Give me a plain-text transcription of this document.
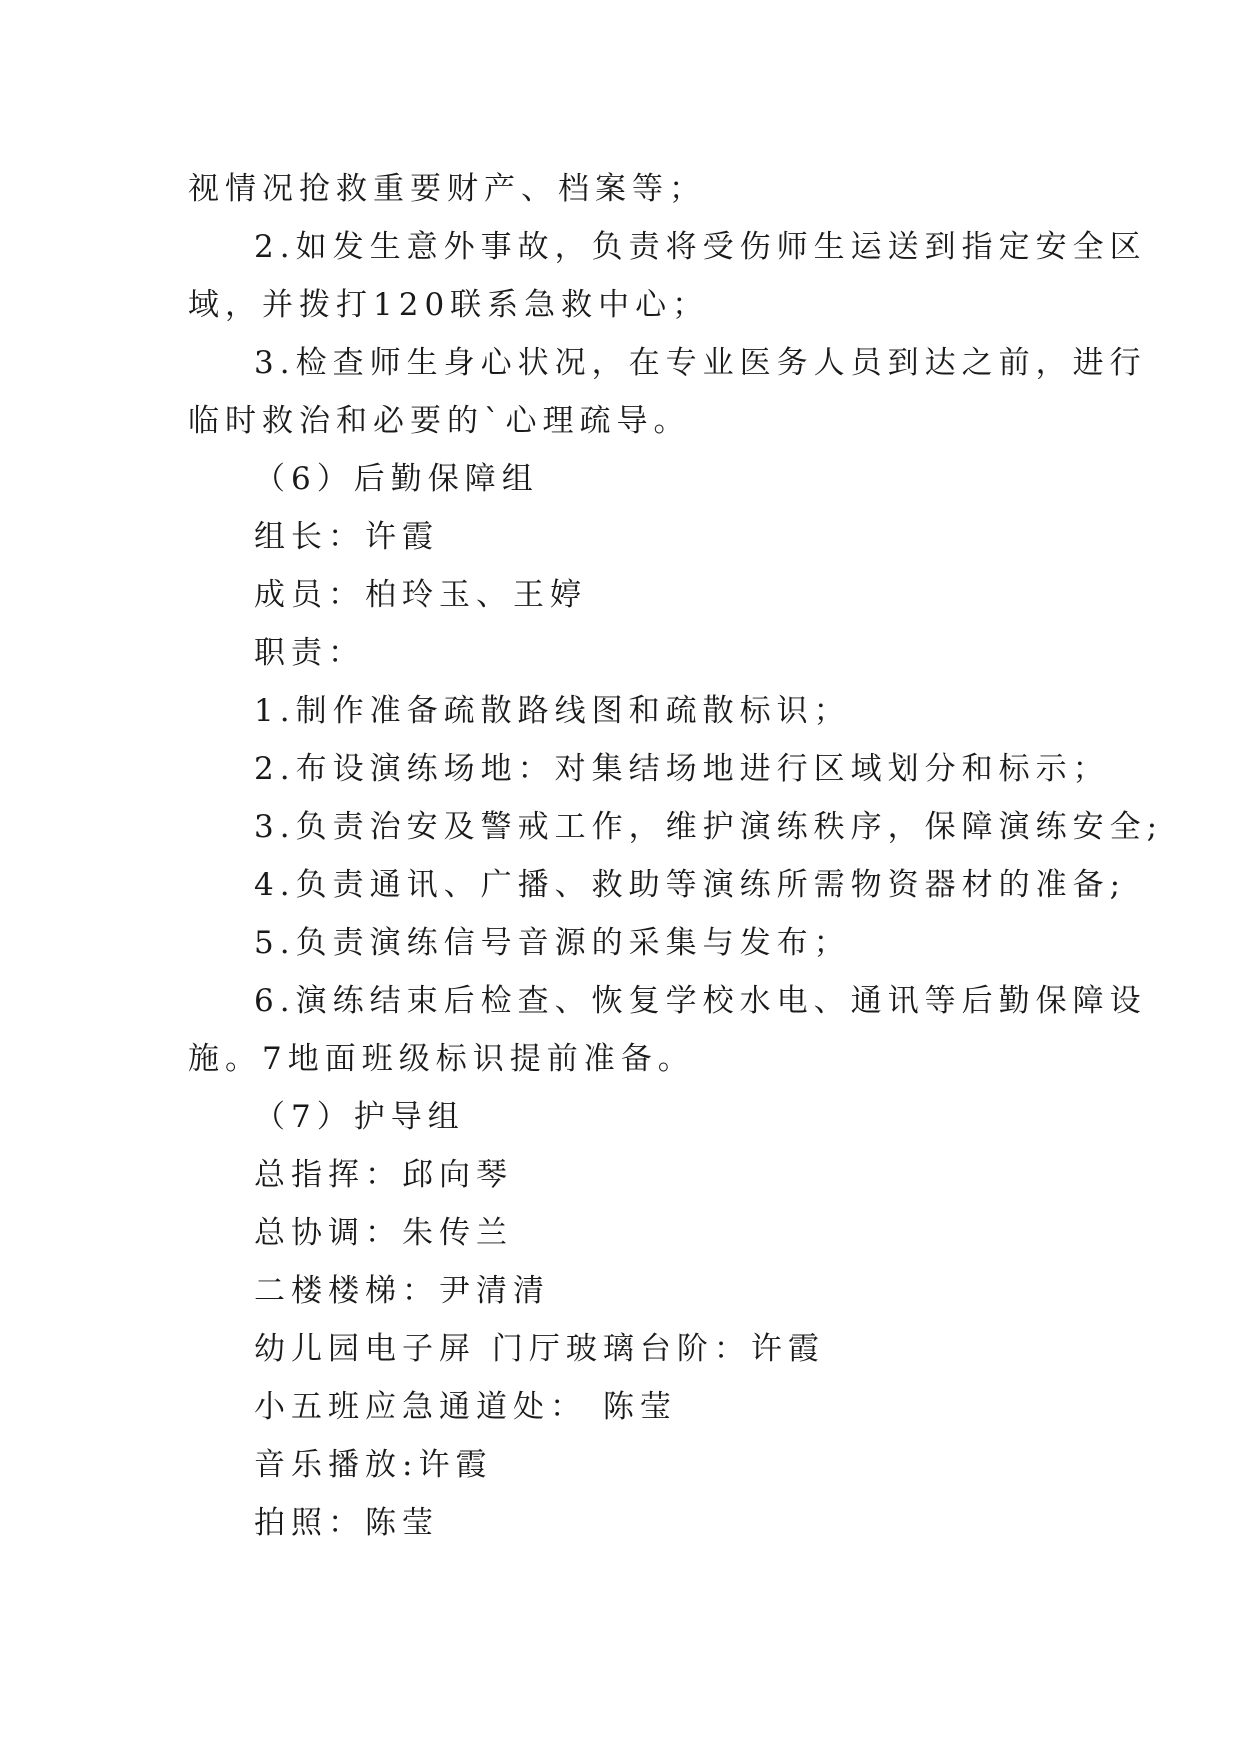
视情况抢救重要财产、档案等；
2.如发生意外事故，负责将受伤师生运送到指定安全区
域，并拨打120联系急救中心；
3.检查师生身心状况，在专业医务人员到达之前，进行
临时救治和必要的`心理疏导。
（6）后勤保障组
组长：许霞
成员：柏玲玉、王婷
职责：
1.制作准备疏散路线图和疏散标识；
2.布设演练场地：对集结场地进行区域划分和标示；
3.负责治安及警戒工作，维护演练秩序，保障演练安全;
4.负责通讯、广播、救助等演练所需物资器材的准备;
5.负责演练信号音源的采集与发布；
6.演练结束后检查、恢复学校水电、通讯等后勤保障设
施。7地面班级标识提前准备。
（7）护导组
总指挥：邱向琴
总协调：朱传兰
二楼楼梯：尹清清
幼儿园电子屏 门厅玻璃台阶：许霞
小五班应急通道处： 陈莹
音乐播放:许霞
拍照：陈莹
